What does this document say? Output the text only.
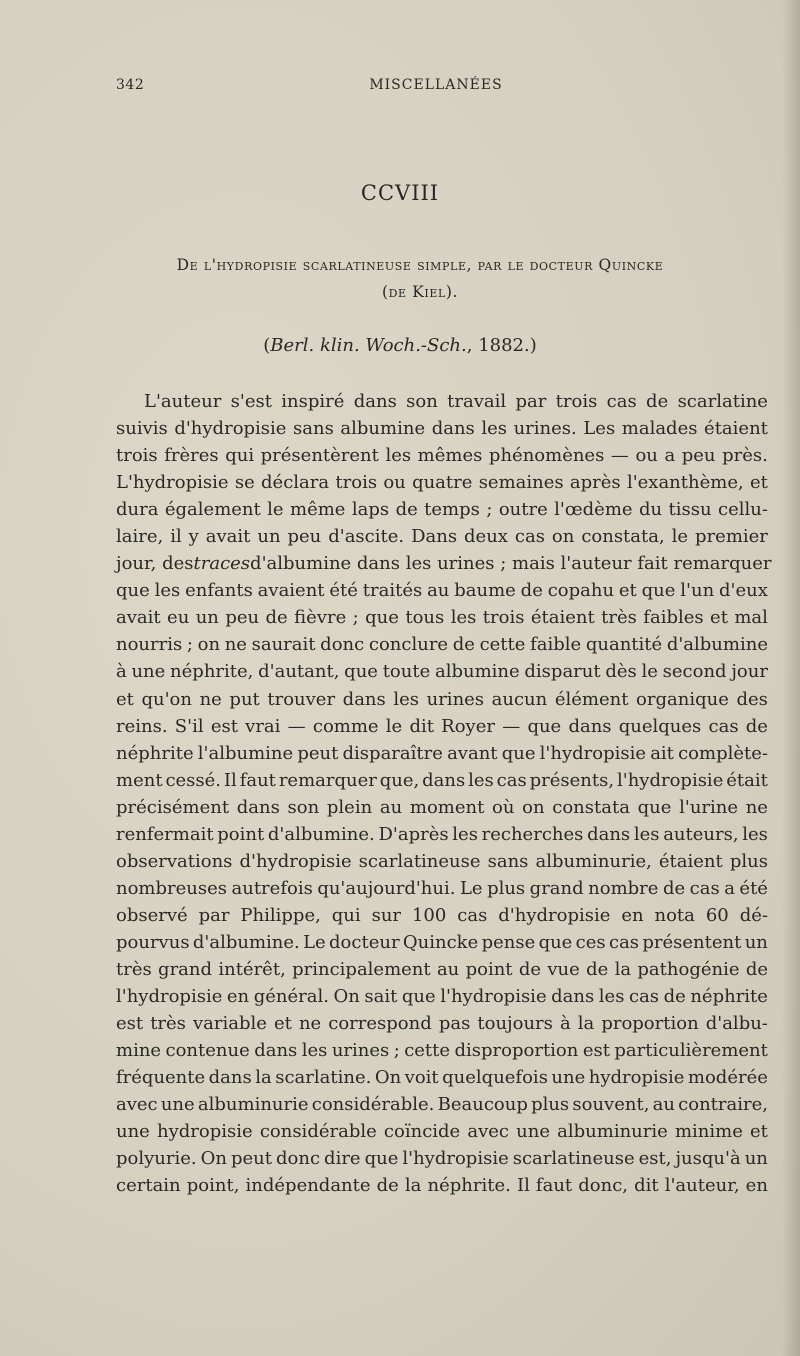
342	MISCELLANÉES
CCVIII
De l'hydropisie scarlatineuse simple, par le docteur Quincke
(de Kiel).
(Berl. klin. Woch.-Sch., 1882.)
L'auteur s'est inspiré dans son travail par trois cas de scarlatine
suivis d'hydropisie sans albumine dans les urines. Les malades étaient
trois frères qui présentèrent les mêmes phénomènes — ou a peu près.
L'hydropisie se déclara trois ou quatre semaines après l'exanthème, et
dura également le même laps de temps ; outre l'œdème du tissu cellu-
laire, il y avait un peu d'ascite. Dans deux cas on constata, le premier
jour, des traces d'albumine dans les urines ; mais l'auteur fait remarquer
que les enfants avaient été traités au baume de copahu et que l'un d'eux
avait eu un peu de fièvre ; que tous les trois étaient très faibles et mal
nourris ; on ne saurait donc conclure de cette faible quantité d'albumine
à une néphrite, d'autant, que toute albumine disparut dès le second jour
et qu'on ne put trouver dans les urines aucun élément organique des
reins. S'il est vrai — comme le dit Royer — que dans quelques cas de
néphrite l'albumine peut disparaître avant que l'hydropisie ait complète-
ment cessé. Il faut remarquer que, dans les cas présents, l'hydropisie était
précisément dans son plein au moment où on constata que l'urine ne
renfermait point d'albumine. D'après les recherches dans les auteurs, les
observations d'hydropisie scarlatineuse sans albuminurie, étaient plus
nombreuses autrefois qu'aujourd'hui. Le plus grand nombre de cas a été
observé par Philippe, qui sur 100 cas d'hydropisie en nota 60 dé-
pourvus d'albumine. Le docteur Quincke pense que ces cas présentent un
très grand intérêt, principalement au point de vue de la pathogénie de
l'hydropisie en général. On sait que l'hydropisie dans les cas de néphrite
est très variable et ne correspond pas toujours à la proportion d'albu-
mine contenue dans les urines ; cette disproportion est particulièrement
fréquente dans la scarlatine. On voit quelquefois une hydropisie modérée
avec une albuminurie considérable. Beaucoup plus souvent, au contraire,
une hydropisie considérable coïncide avec une albuminurie minime et
polyurie. On peut donc dire que l'hydropisie scarlatineuse est, jusqu'à un
certain point, indépendante de la néphrite. Il faut donc, dit l'auteur, en
